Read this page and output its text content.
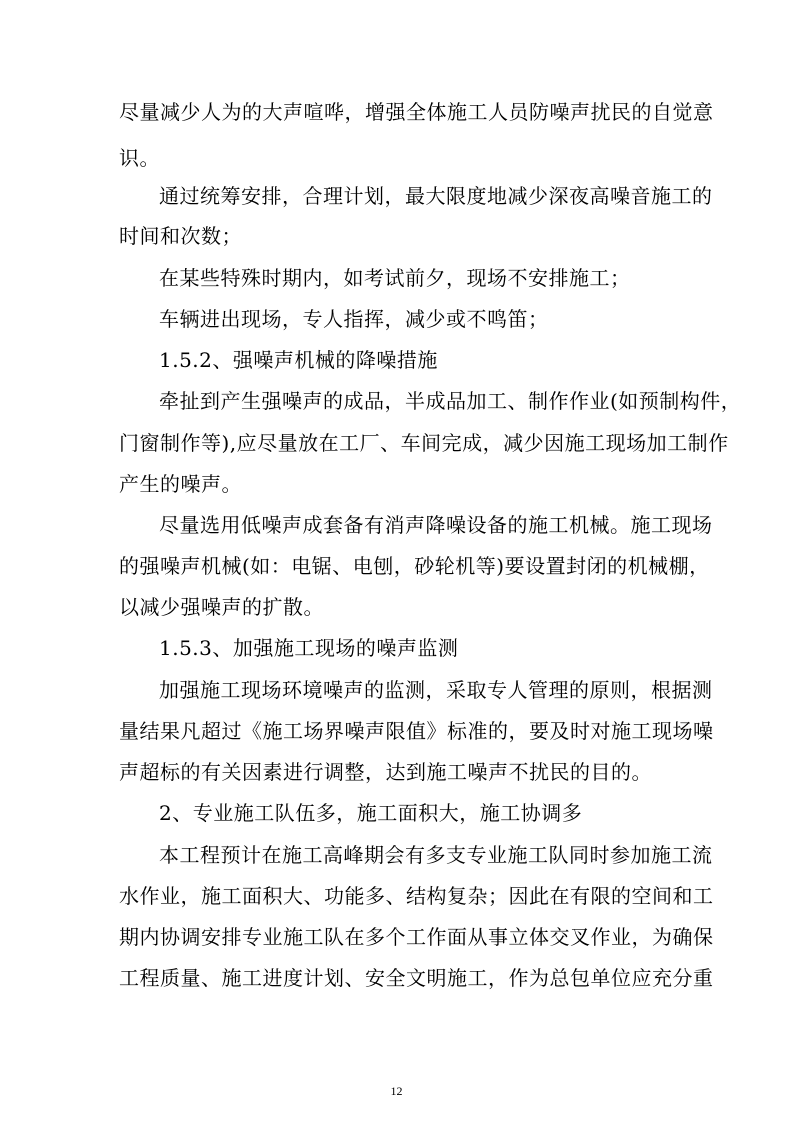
尽量减少人为的大声喧哗，增强全体施工人员防噪声扰民的自觉意
识。
通过统筹安排，合理计划，最大限度地减少深夜高噪音施工的
时间和次数；
在某些特殊时期内，如考试前夕，现场不安排施工；
车辆进出现场，专人指挥，减少或不鸣笛；
1.5.2、强噪声机械的降噪措施
牵扯到产生强噪声的成品，半成品加工、制作作业(如预制构件，
门窗制作等),应尽量放在工厂、车间完成，减少因施工现场加工制作
产生的噪声。
尽量选用低噪声成套备有消声降噪设备的施工机械。施工现场
的强噪声机械(如：电锯、电刨，砂轮机等)要设置封闭的机械棚，
以减少强噪声的扩散。
1.5.3、加强施工现场的噪声监测
加强施工现场环境噪声的监测，采取专人管理的原则，根据测
量结果凡超过《施工场界噪声限值》标准的，要及时对施工现场噪
声超标的有关因素进行调整，达到施工噪声不扰民的目的。
2、专业施工队伍多，施工面积大，施工协调多
本工程预计在施工高峰期会有多支专业施工队同时参加施工流
水作业，施工面积大、功能多、结构复杂；因此在有限的空间和工
期内协调安排专业施工队在多个工作面从事立体交叉作业，为确保
工程质量、施工进度计划、安全文明施工，作为总包单位应充分重
12
